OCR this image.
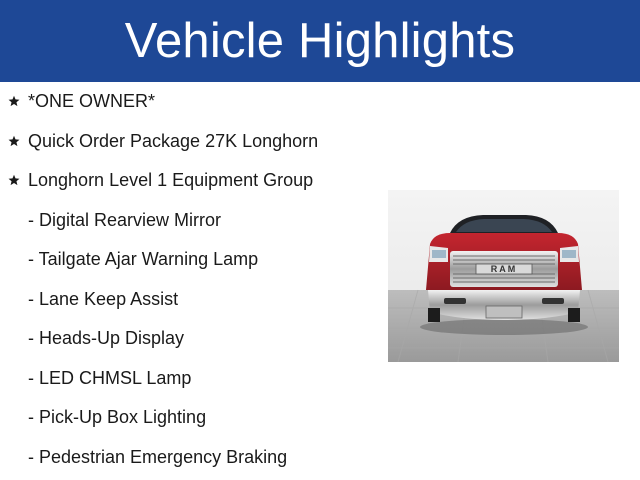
Vehicle Highlights
*ONE OWNER*
Quick Order Package 27K Longhorn
Longhorn Level 1 Equipment Group
- Digital Rearview Mirror
- Tailgate Ajar Warning Lamp
- Lane Keep Assist
- Heads-Up Display
- LED CHMSL Lamp
- Pick-Up Box Lighting
- Pedestrian Emergency Braking
RAM
